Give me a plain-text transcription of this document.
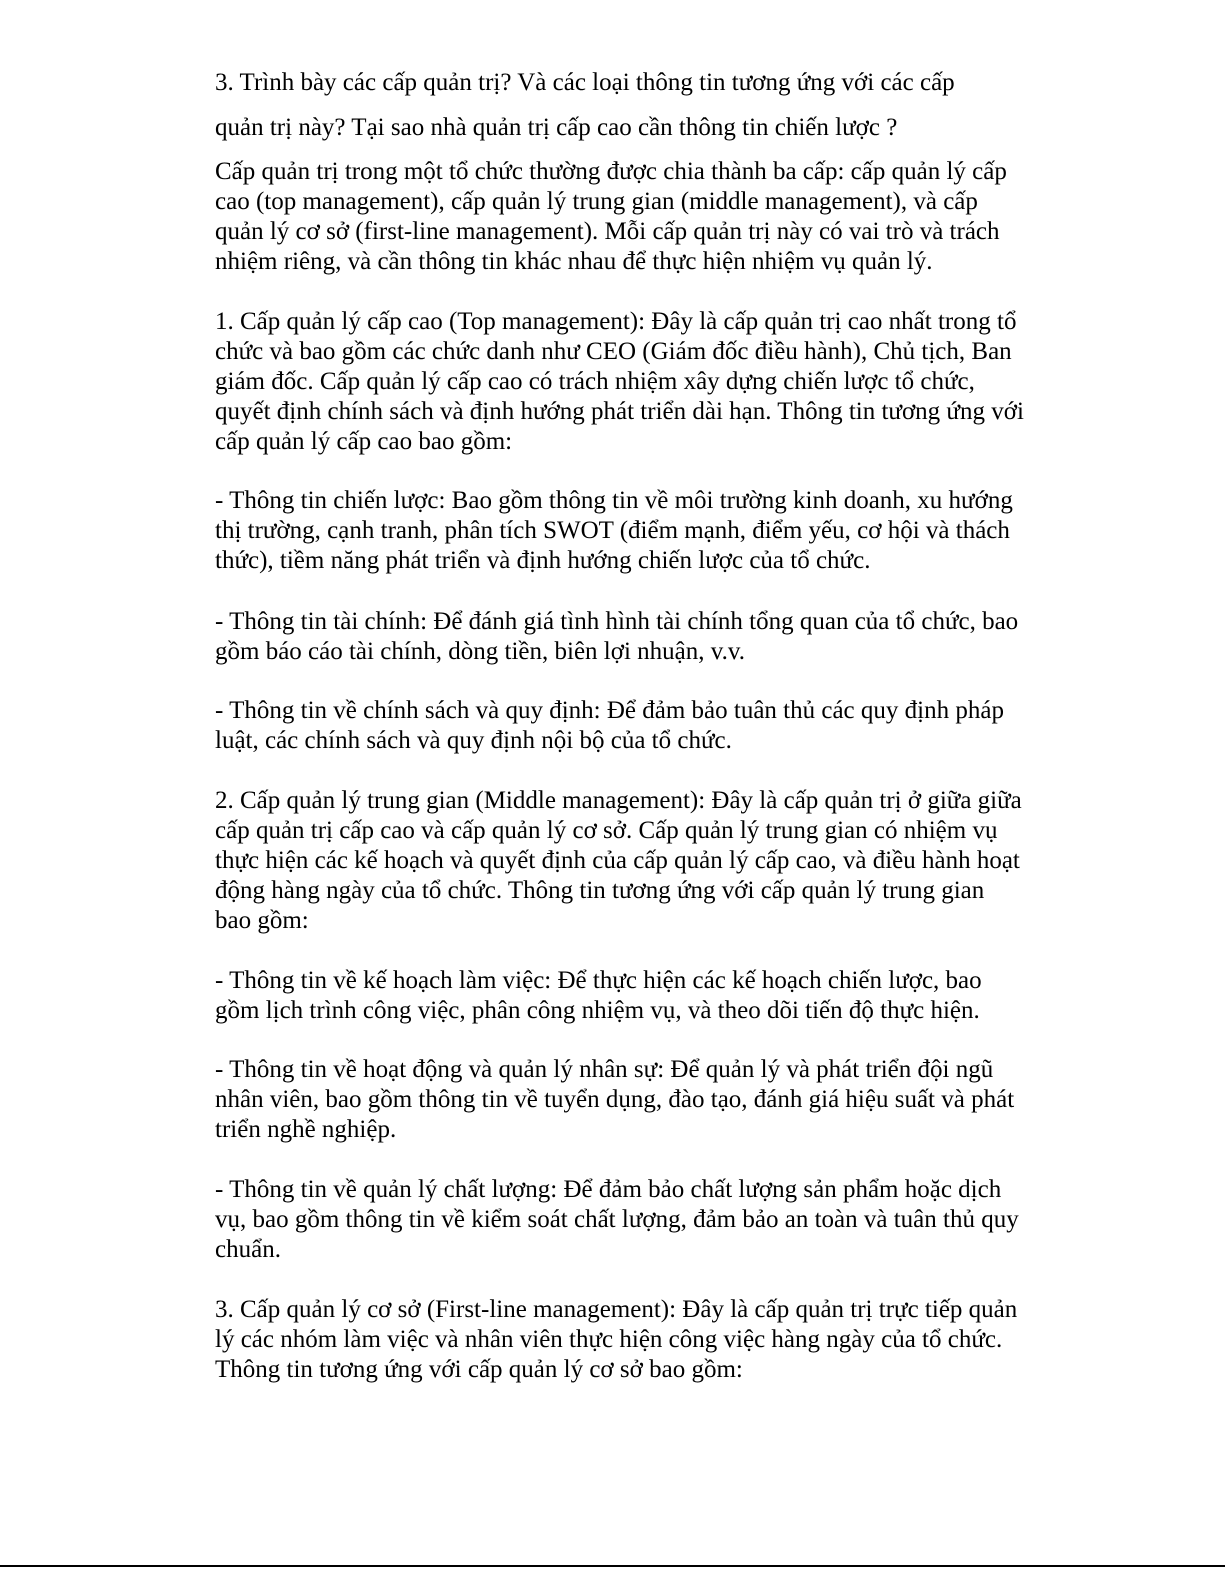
3. Trình bày các cấp quản trị? Và các loại thông tin tương ứng với các cấp

quản trị này? Tại sao nhà quản trị cấp cao cần thông tin chiến lược ?

Cấp quản trị trong một tổ chức thường được chia thành ba cấp: cấp quản lý cấp
cao (top management), cấp quản lý trung gian (middle management), và cấp
quản lý cơ sở (first-line management). Mỗi cấp quản trị này có vai trò và trách
nhiệm riêng, và cần thông tin khác nhau để thực hiện nhiệm vụ quản lý.

1. Cấp quản lý cấp cao (Top management): Đây là cấp quản trị cao nhất trong tổ
chức và bao gồm các chức danh như CEO (Giám đốc điều hành), Chủ tịch, Ban
giám đốc. Cấp quản lý cấp cao có trách nhiệm xây dựng chiến lược tổ chức,
quyết định chính sách và định hướng phát triển dài hạn. Thông tin tương ứng với
cấp quản lý cấp cao bao gồm:

- Thông tin chiến lược: Bao gồm thông tin về môi trường kinh doanh, xu hướng
thị trường, cạnh tranh, phân tích SWOT (điểm mạnh, điểm yếu, cơ hội và thách
thức), tiềm năng phát triển và định hướng chiến lược của tổ chức.

- Thông tin tài chính: Để đánh giá tình hình tài chính tổng quan của tổ chức, bao
gồm báo cáo tài chính, dòng tiền, biên lợi nhuận, v.v.

- Thông tin về chính sách và quy định: Để đảm bảo tuân thủ các quy định pháp
luật, các chính sách và quy định nội bộ của tổ chức.

2. Cấp quản lý trung gian (Middle management): Đây là cấp quản trị ở giữa giữa
cấp quản trị cấp cao và cấp quản lý cơ sở. Cấp quản lý trung gian có nhiệm vụ
thực hiện các kế hoạch và quyết định của cấp quản lý cấp cao, và điều hành hoạt
động hàng ngày của tổ chức. Thông tin tương ứng với cấp quản lý trung gian
bao gồm:

- Thông tin về kế hoạch làm việc: Để thực hiện các kế hoạch chiến lược, bao
gồm lịch trình công việc, phân công nhiệm vụ, và theo dõi tiến độ thực hiện.

- Thông tin về hoạt động và quản lý nhân sự: Để quản lý và phát triển đội ngũ
nhân viên, bao gồm thông tin về tuyển dụng, đào tạo, đánh giá hiệu suất và phát
triển nghề nghiệp.

- Thông tin về quản lý chất lượng: Để đảm bảo chất lượng sản phẩm hoặc dịch
vụ, bao gồm thông tin về kiểm soát chất lượng, đảm bảo an toàn và tuân thủ quy
chuẩn.

3. Cấp quản lý cơ sở (First-line management): Đây là cấp quản trị trực tiếp quản
lý các nhóm làm việc và nhân viên thực hiện công việc hàng ngày của tổ chức.
Thông tin tương ứng với cấp quản lý cơ sở bao gồm:
